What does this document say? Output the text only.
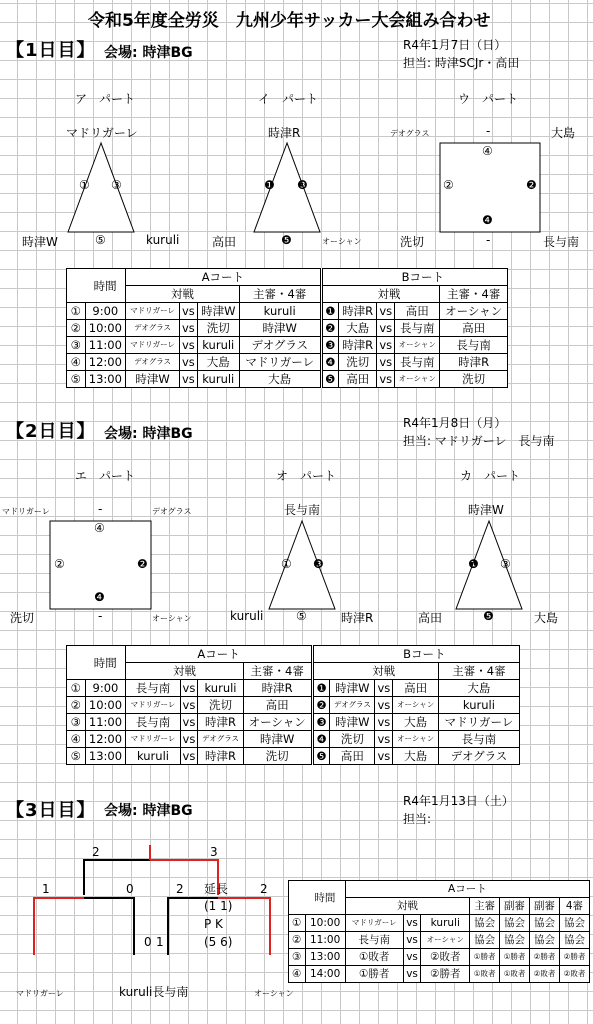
令和5年度全労災　九州少年サッカー大会組み合わせ
【1日目】 会場: 時津BG	R4年1月7日（日）
担当: 時津SCJr・高田
ア　パート
マドリガーレ
時津W	kuruli
① ③
⑤
イ　パート
時津R
高田	オーシャン
❶ ❸
❺
ウ　パート
デオグラス	大島
洗切	長与南
-
-
④
②	❷
❹
	時間	Aコート					Bコート			
		対戦			主審・4審		対戦			主審・4審
①	9:00	マドリガーレ	vs	時津W	kuruli	❶	時津R	vs	高田	オーシャン
②	10:00	デオグラス	vs	洗切	時津W	❷	大島	vs	長与南	高田
③	11:00	マドリガーレ	vs	kuruli	デオグラス	❸	時津R	vs	オーシャン	長与南
④	12:00	デオグラス	vs	大島	マドリガーレ	❹	洗切	vs	長与南	時津R
⑤	13:00	時津W	vs	kuruli	大島	❺	高田	vs	オーシャン	洗切
【2日目】 会場: 時津BG
R4年1月8日（月）
担当: マドリガーレ　長与南
エ　パート
マドリガーレ	デオグラス
洗切	オーシャン
-
-
④
②	❷
❹
オ　パート
長与南
kuruli	時津R
① ❸
⑤
カ　パート
時津W
高田	大島
❶ ③
❺
	時間	Aコート					Bコート			
		対戦			主審・4審		対戦			主審・4審
①	9:00	長与南	vs	kuruli	時津R	❶	時津W	vs	高田	大島
②	10:00	マドリガーレ	vs	洗切	高田	❷	デオグラス	vs	オーシャン	kuruli
③	11:00	長与南	vs	時津R	オーシャン	❸	時津W	vs	大島	マドリガーレ
④	12:00	マドリガーレ	vs	デオグラス	時津W	❹	洗切	vs	オーシャン	長与南
⑤	13:00	kuruli	vs	時津R	洗切	❺	高田	vs	大島	デオグラス
【3日目】 会場: 時津BG
R4年1月13日（土）
担当:
2	3
1	0	2	2
延長
(1 1)
P K
(5 6)
0 1
マドリガーレ	kuruli長与南	オーシャン
	時間	Aコート						
		対戦			主審	副審	副審	4審
①	10:00	マドリガーレ	vs	kuruli	協会	協会	協会	協会
②	11:00	長与南	vs	オーシャン	協会	協会	協会	協会
③	13:00	①敗者	vs	②敗者	①勝者	①勝者	②勝者	②勝者
④	14:00	①勝者	vs	②勝者	①敗者	①敗者	②敗者	②敗者
